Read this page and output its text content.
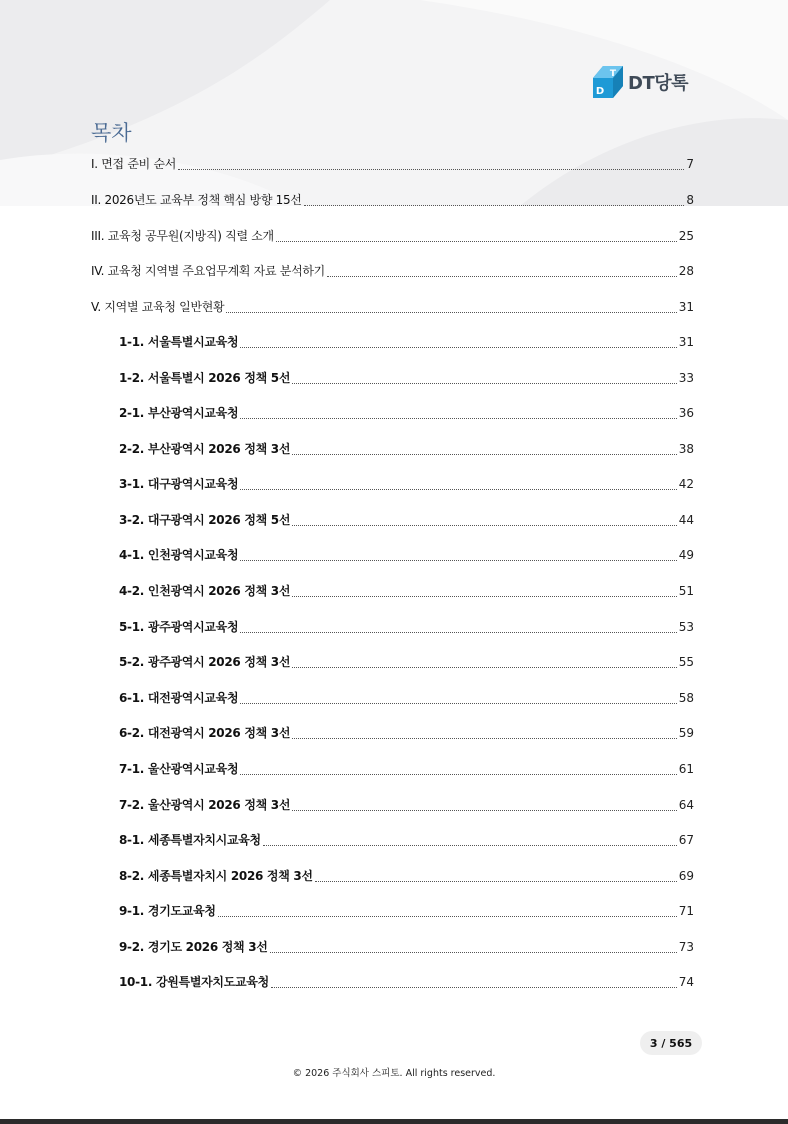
T
D DT당톡
목차
I. 면접 준비 순서	7
II. 2026년도 교육부 정책 핵심 방향 15선	8
III. 교육청 공무원(지방직) 직렬 소개	25
IV. 교육청 지역별 주요업무계획 자료 분석하기	28
V. 지역별 교육청 일반현황	31
1-1. 서울특별시교육청	31
1-2. 서울특별시 2026 정책 5선	33
2-1. 부산광역시교육청	36
2-2. 부산광역시 2026 정책 3선	38
3-1. 대구광역시교육청	42
3-2. 대구광역시 2026 정책 5선	44
4-1. 인천광역시교육청	49
4-2. 인천광역시 2026 정책 3선	51
5-1. 광주광역시교육청	53
5-2. 광주광역시 2026 정책 3선	55
6-1. 대전광역시교육청	58
6-2. 대전광역시 2026 정책 3선	59
7-1. 울산광역시교육청	61
7-2. 울산광역시 2026 정책 3선	64
8-1. 세종특별자치시교육청	67
8-2. 세종특별자치시 2026 정책 3선	69
9-1. 경기도교육청	71
9-2. 경기도 2026 정책 3선	73
10-1. 강원특별자치도교육청	74
3 / 565
© 2026 주식회사 스피토. All rights reserved.
